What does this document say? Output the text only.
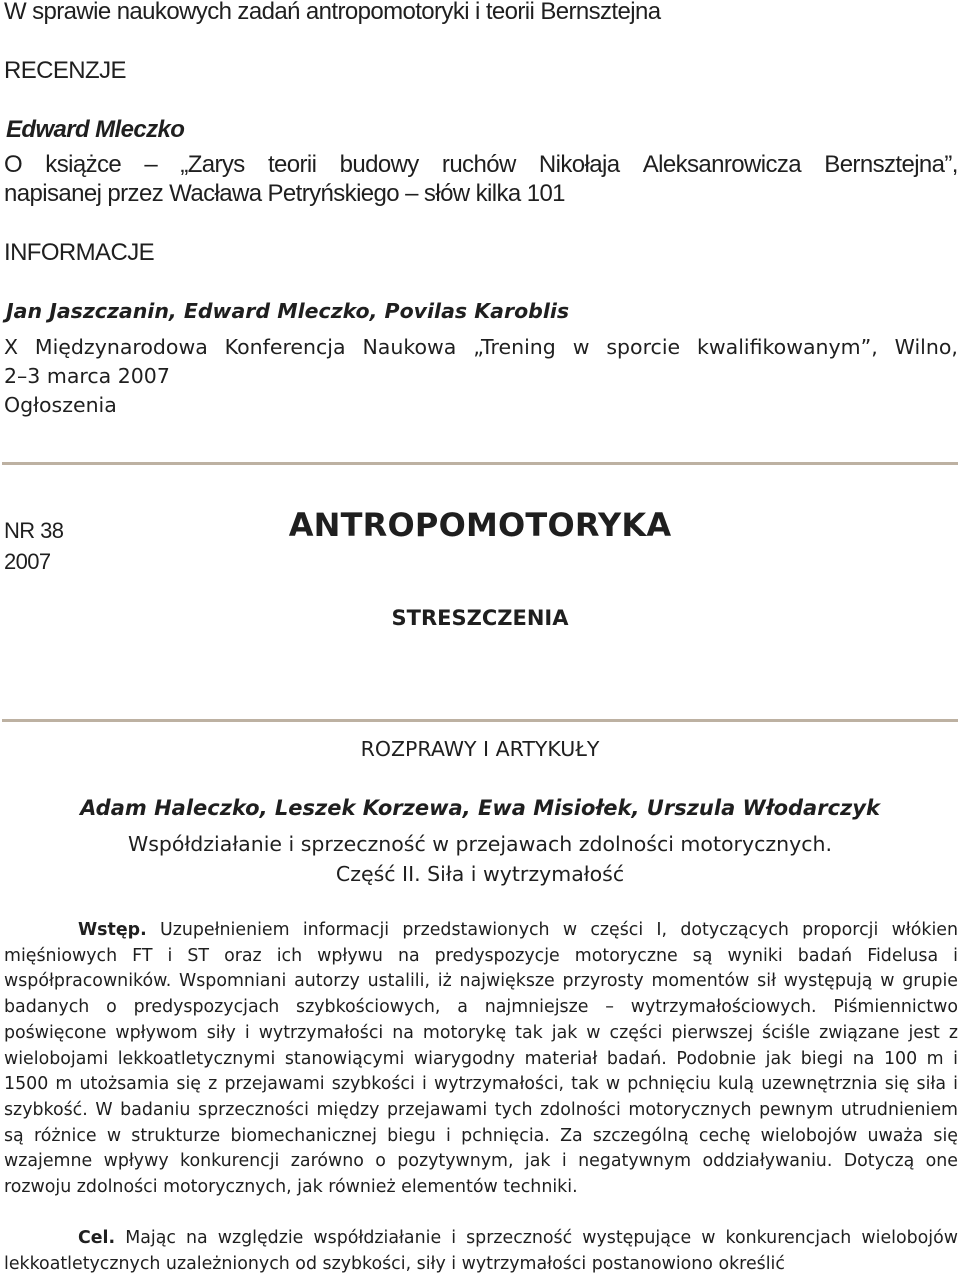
W sprawie naukowych zadań antropomotoryki i teorii Bernsztejna
RECENZJE
Edward Mleczko
O książce – „Zarys teorii budowy ruchów Nikołaja Aleksanrowicza Bernsztejna”,
napisanej przez Wacława Petryńskiego – słów kilka 101
INFORMACJE
Jan Jaszczanin, Edward Mleczko, Povilas Karoblis
X Międzynarodowa Konferencja Naukowa „Trening w sporcie kwalifikowanym”, Wilno,
2–3 marca 2007
Ogłoszenia
NR 38
2007
ANTROPOMOTORYKA
STRESZCZENIA
ROZPRAWY I ARTYKUŁY
Adam Haleczko, Leszek Korzewa, Ewa Misiołek, Urszula Włodarczyk
Współdziałanie i sprzeczność w przejawach zdolności motorycznych.
Część II. Siła i wytrzymałość
Wstęp. Uzupełnieniem informacji przedstawionych w części I, dotyczących proporcji włókien mięśniowych FT i ST oraz ich wpływu na predyspozycje motoryczne są wyniki badań Fidelusa i współpracowników. Wspomniani autorzy ustalili, iż największe przyrosty momentów sił występują w grupie badanych o predyspozycjach szybkościowych, a najmniejsze – wytrzymałościowych. Piśmiennictwo poświęcone wpływom siły i wytrzymałości na motorykę tak jak w części pierwszej ściśle związane jest z wielobojami lekkoatletycznymi stanowiącymi wiarygodny materiał badań. Podobnie jak biegi na 100 m i 1500 m utożsamia się z przejawami szybkości i wytrzymałości, tak w pchnięciu kulą uzewnętrznia się siła i szybkość. W badaniu sprzeczności między przejawami tych zdolności motorycznych pewnym utrudnieniem są różnice w strukturze biomechanicznej biegu i pchnięcia. Za szczególną cechę wielobojów uważa się wzajemne wpływy konkurencji zarówno o pozytywnym, jak i negatywnym oddziaływaniu. Dotyczą one rozwoju zdolności motorycznych, jak również elementów techniki.
Cel. Mając na względzie współdziałanie i sprzeczność występujące w konkurencjach wielobojów lekkoatletycznych uzależnionych od szybkości, siły i wytrzymałości postanowiono określić
